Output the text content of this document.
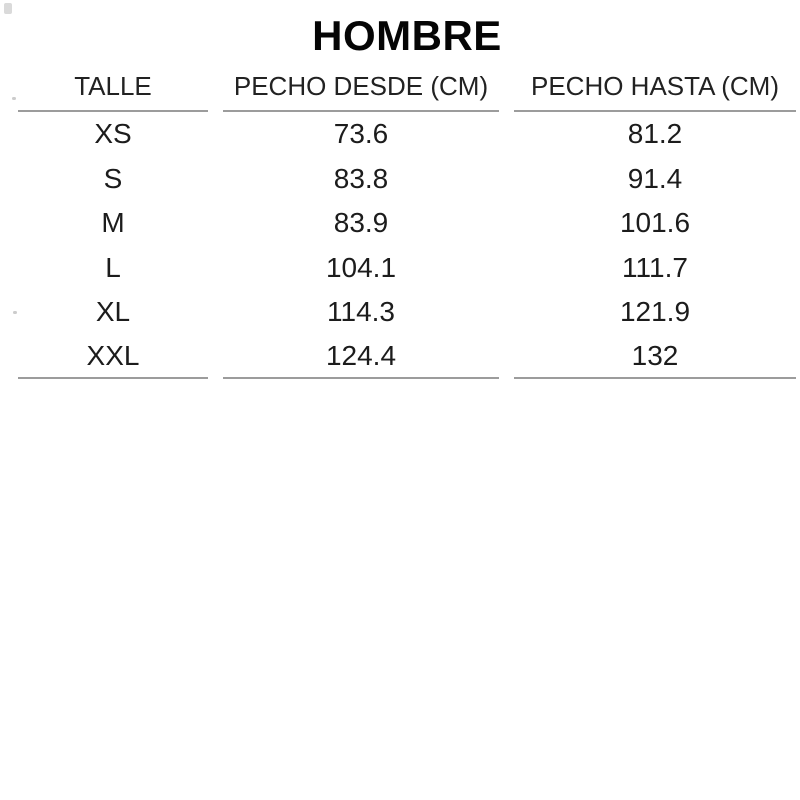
HOMBRE
TALLE	PECHO DESDE (CM)	PECHO HASTA (CM)
XS	73.6	81.2
S	83.8	91.4
M	83.9	101.6
L	104.1	111.7
XL	114.3	121.9
XXL	124.4	132
